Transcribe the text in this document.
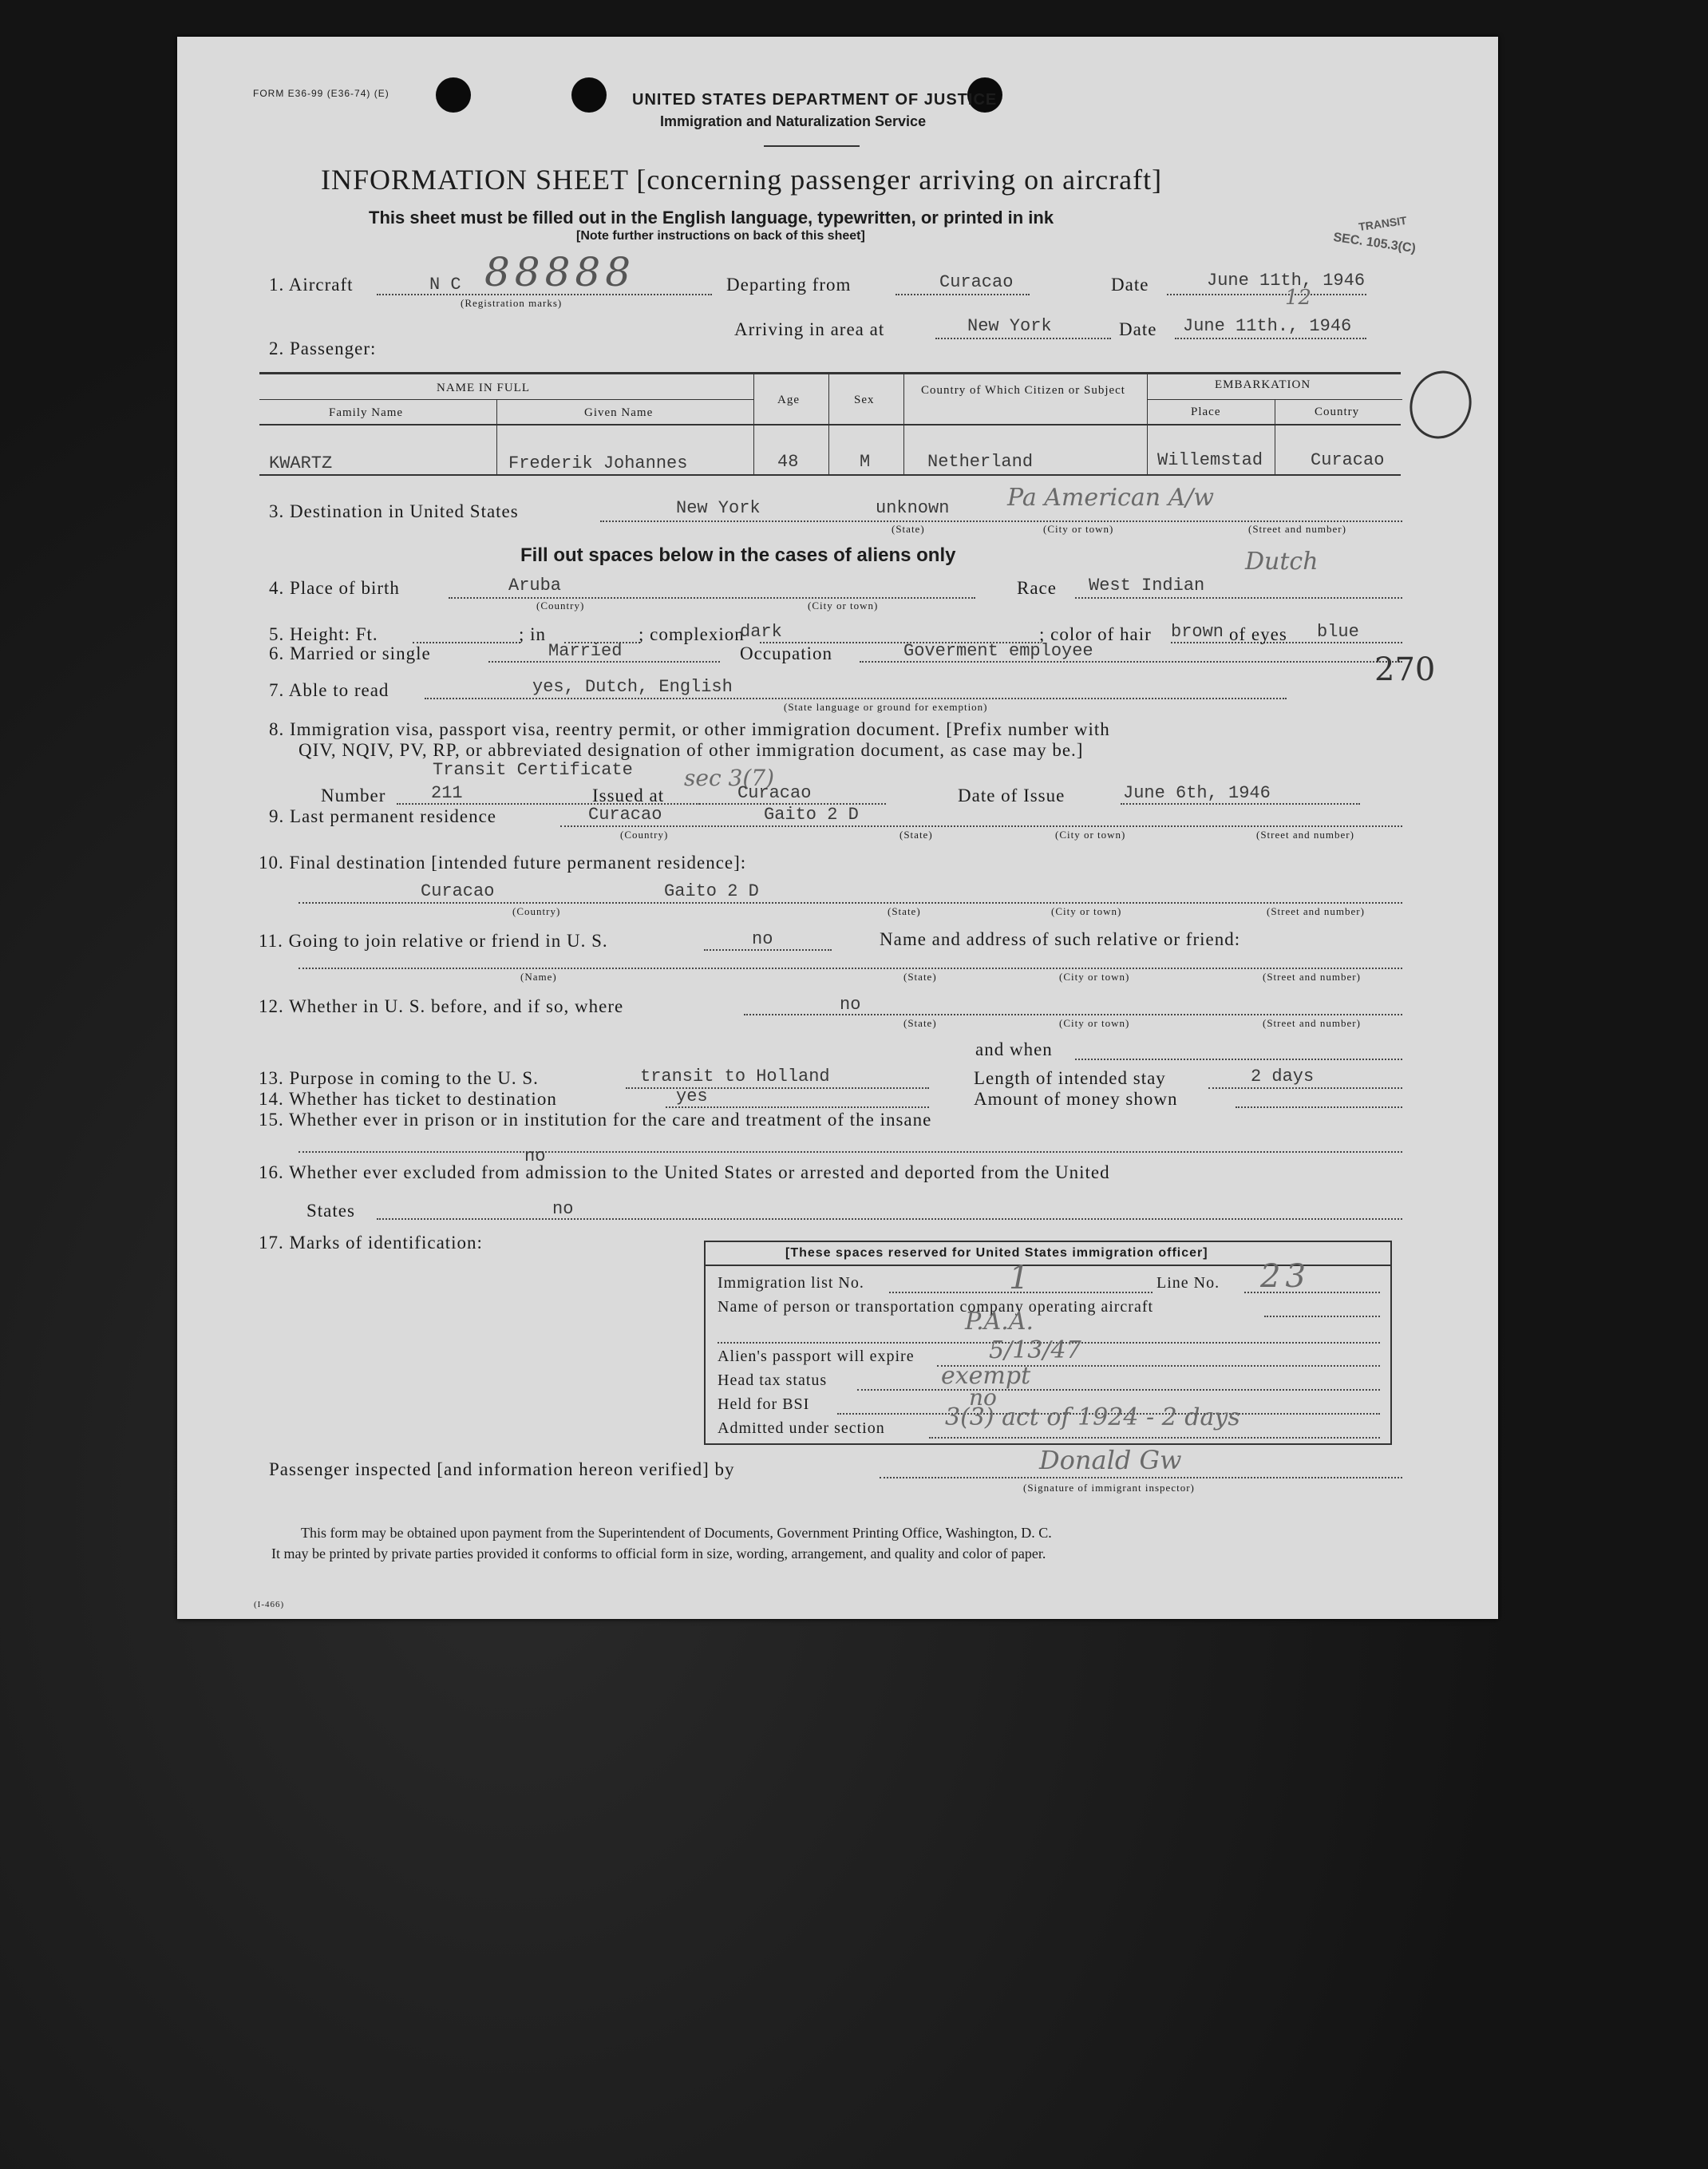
FORM E36-99 (E36-74) (E)	UNITED STATES DEPARTMENT OF JUSTICE
Immigration and Naturalization Service
INFORMATION SHEET [concerning passenger arriving on aircraft]
This sheet must be filled out in the English language, typewritten, or printed in ink
[Note further instructions on back of this sheet]
TRANSIT
SEC. 105.3(C)
1. Aircraft	N C 88888
(Registration marks)
Departing from	Curacao	Date	June 11th, 1946
Arriving in area at	New York	Date June 11th., 1946
12
2. Passenger:
NAME IN FULL
Family Name	Given Name
Age	Sex
Country of Which Citizen or Subject	EMBARKATION
Place	Country
KWARTZ	Frederik Johannes	48	M	Netherland	Willemstad	Curacao
3. Destination in United States	New York	unknown Pa American A/w
(State)	(City or town)	(Street and number)
Fill out spaces below in the cases of aliens only
4. Place of birth	Aruba
(Country)	(City or town)
Race West Indian
Dutch
5. Height: Ft.	; in	; complexion
dark	; color of hair brown of eyes blue
6. Married or single	Married	Occupation	Goverment employee
7. Able to read	yes, Dutch, English
(State language or ground for exemption)
270
8. Immigration visa, passport visa, reentry permit, or other immigration document. [Prefix number with
QIV, NQIV, PV, RP, or abbreviated designation of other immigration document, as case may be.]
Transit Certificate sec 3(7)
Number	211	Issued at	Curacao	Date of Issue	June 6th, 1946
9. Last permanent residence	Curacao	Gaito 2 D
(Country)	(State)	(City or town)	(Street and number)
10. Final destination [intended future permanent residence]:
Curacao	Gaito 2 D
(Country)	(State)	(City or town)	(Street and number)
11. Going to join relative or friend in U. S.	no	Name and address of such relative or friend:
(Name)	(State)	(City or town)	(Street and number)
12. Whether in U. S. before, and if so, where	no
(State)	(City or town)	(Street and number)
and when
13. Purpose in coming to the U. S.	transit to Holland	Length of intended stay	2 days
14. Whether has ticket to destination	yes	Amount of money shown
15. Whether ever in prison or in institution for the care and treatment of the insane
no
16. Whether ever excluded from admission to the United States or arrested and deported from the United
States	no
17. Marks of identification:
[These spaces reserved for United States immigration officer]
Immigration list No.	1	Line No. 23
Name of person or transportation company operating aircraft
P.A.A.
Alien's passport will expire	5/13/47
Head tax status	exempt
Held for BSI	no
Admitted under section	3(3) act of 1924 - 2 days
Passenger inspected [and information hereon verified] by	Donald Gw
(Signature of immigrant inspector)
This form may be obtained upon payment from the Superintendent of Documents, Government Printing Office, Washington, D. C.
It may be printed by private parties provided it conforms to official form in size, wording, arrangement, and quality and color of paper.
(I-466)
